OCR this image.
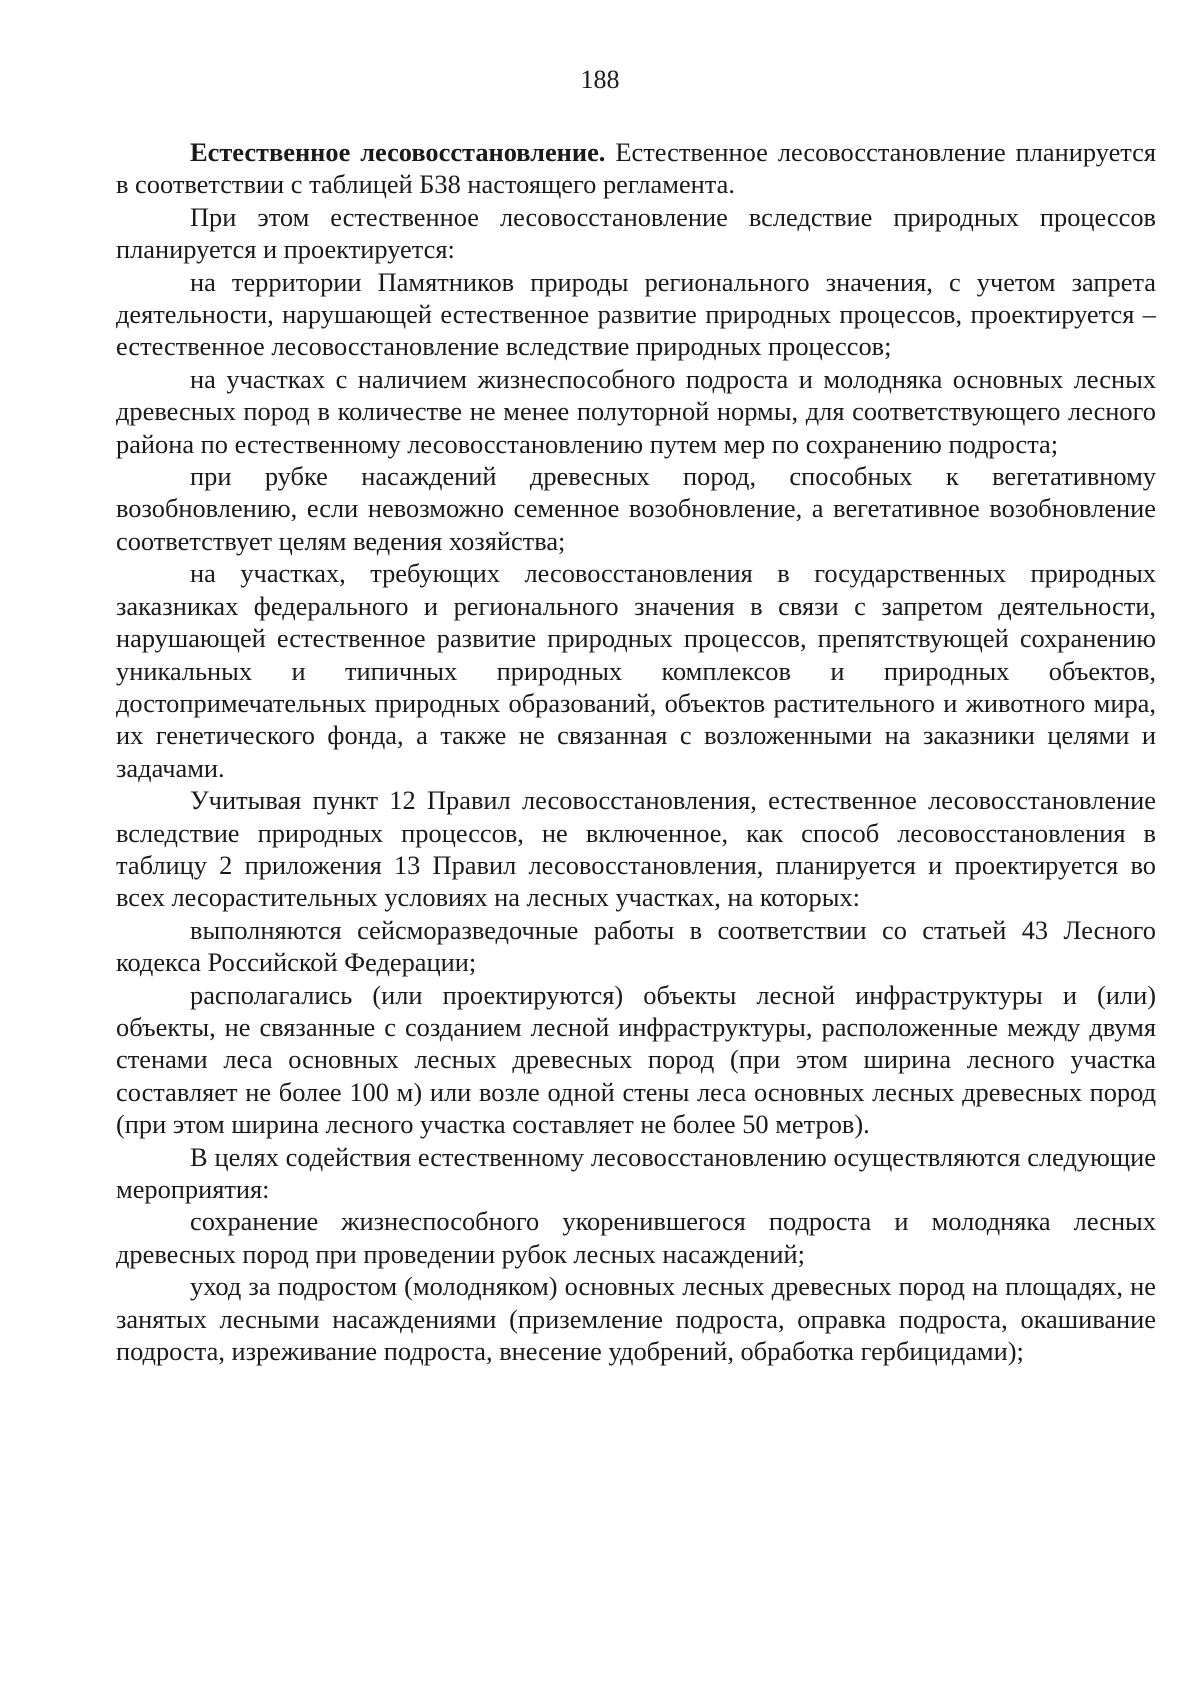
188

Естественное лесовосстановление. Естественное лесовосстановление планируется в соответствии с таблицей Б38 настоящего регламента.

При этом естественное лесовосстановление вследствие природных процессов планируется и проектируется:

на территории Памятников природы регионального значения, с учетом запрета деятельности, нарушающей естественное развитие природных процессов, проектируется – естественное лесовосстановление вследствие природных процессов;

на участках с наличием жизнеспособного подроста и молодняка основных лесных древесных пород в количестве не менее полуторной нормы, для соответствующего лесного района по естественному лесовосстановлению путем мер по сохранению подроста;

при рубке насаждений древесных пород, способных к вегетативному возобновлению, если невозможно семенное возобновление, а вегетативное возобновление соответствует целям ведения хозяйства;

на участках, требующих лесовосстановления в государственных природных заказниках федерального и регионального значения в связи с запретом деятельности, нарушающей естественное развитие природных процессов, препятствующей сохранению уникальных и типичных природных комплексов и природных объектов, достопримечательных природных образований, объектов растительного и животного мира, их генетического фонда, а также не связанная с возложенными на заказники целями и задачами.

Учитывая пункт 12 Правил лесовосстановления, естественное лесовосстановление вследствие природных процессов, не включенное, как способ лесовосстановления в таблицу 2 приложения 13 Правил лесовосстановления, планируется и проектируется во всех лесорастительных условиях на лесных участках, на которых:

выполняются сейсморазведочные работы в соответствии со статьей 43 Лесного кодекса Российской Федерации;

располагались (или проектируются) объекты лесной инфраструктуры и (или) объекты, не связанные с созданием лесной инфраструктуры, расположенные между двумя стенами леса основных лесных древесных пород (при этом ширина лесного участка составляет не более 100 м) или возле одной стены леса основных лесных древесных пород (при этом ширина лесного участка составляет не более 50 метров).

В целях содействия естественному лесовосстановлению осуществляются следующие мероприятия:

сохранение жизнеспособного укоренившегося подроста и молодняка лесных древесных пород при проведении рубок лесных насаждений;

уход за подростом (молодняком) основных лесных древесных пород на площадях, не занятых лесными насаждениями (приземление подроста, оправка подроста, окашивание подроста, изреживание подроста, внесение удобрений, обработка гербицидами);
